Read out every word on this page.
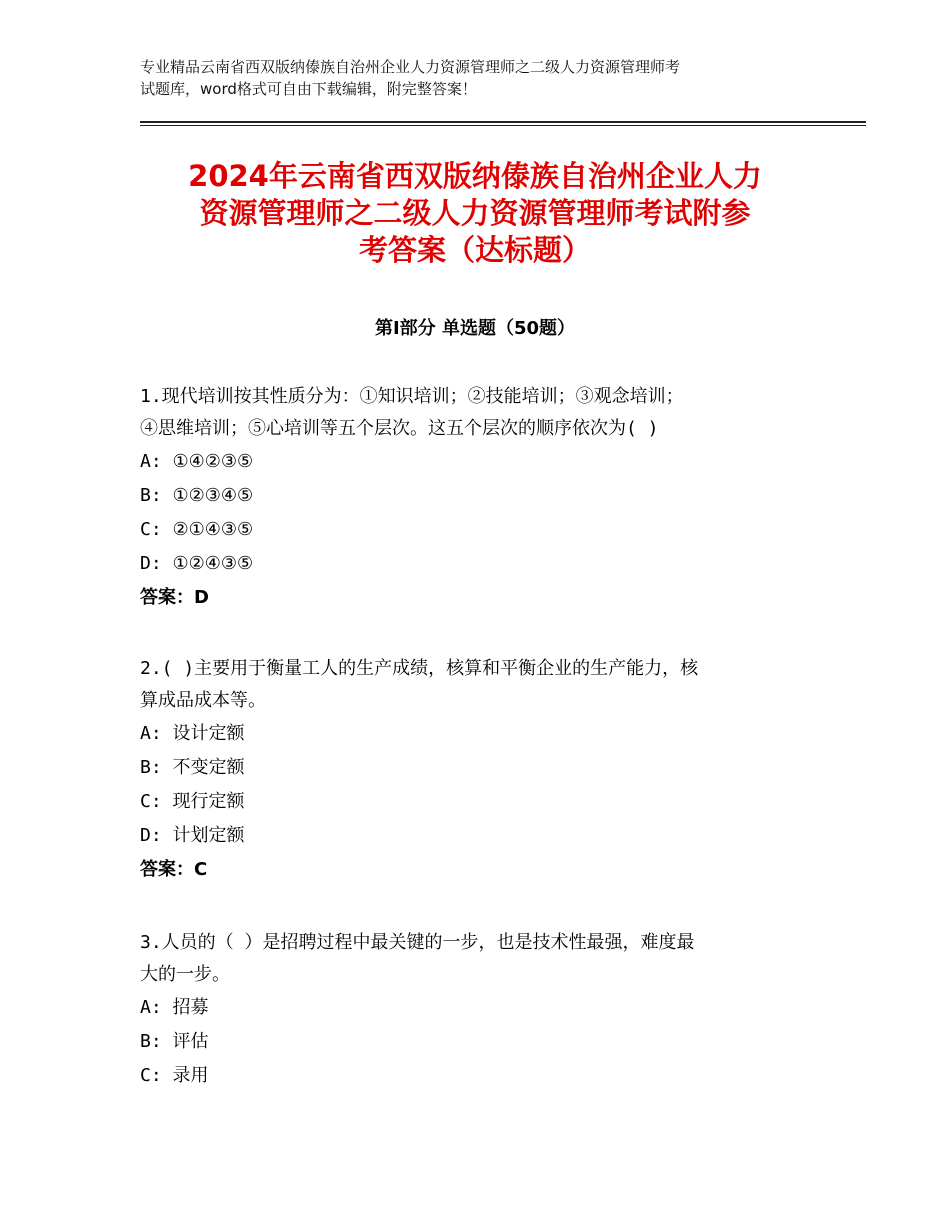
专业精品云南省西双版纳傣族自治州企业人力资源管理师之二级人力资源管理师考
试题库，word格式可自由下载编辑，附完整答案！
2024年云南省西双版纳傣族自治州企业人力
资源管理师之二级人力资源管理师考试附参
考答案（达标题）
第Ⅰ部分 单选题（50题）

1.现代培训按其性质分为：①知识培训；②技能培训；③观念培训；

④思维培训；⑤心培训等五个层次。这五个层次的顺序依次为( )

A: ①④②③⑤

B: ①②③④⑤

C: ②①④③⑤

D: ①②④③⑤

答案：D

2.( )主要用于衡量工人的生产成绩，核算和平衡企业的生产能力，核

算成品成本等。

A: 设计定额

B: 不变定额

C: 现行定额

D: 计划定额

答案：C

3.人员的（ ）是招聘过程中最关键的一步，也是技术性最强，难度最

大的一步。

A: 招募

B: 评估

C: 录用
